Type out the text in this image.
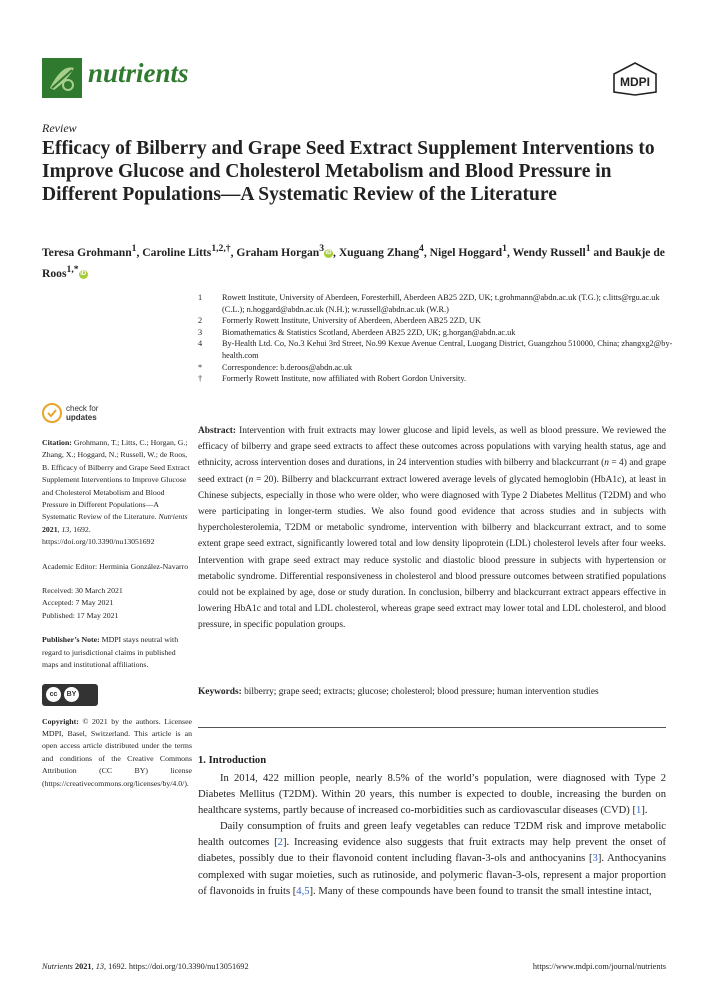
nutrients	MDPI
Review
Efficacy of Bilberry and Grape Seed Extract Supplement Interventions to Improve Glucose and Cholesterol Metabolism and Blood Pressure in Different Populations—A Systematic Review of the Literature
Teresa Grohmann$^1$, Caroline Litts$^{1,2,\dagger}$, Graham Horgan$^3$ iD , Xuguang Zhang$^4$, Nigel Hoggard$^1$, Wendy Russell$^1$ and Baukje de Roos$^{1,*}$ iD
1 Rowett Institute, University of Aberdeen, Foresterhill, Aberdeen AB25 2ZD, UK; t.grohmann@abdn.ac.uk (T.G.); c.litts@rgu.ac.uk (C.L.); n.hoggard@abdn.ac.uk (N.H.); w.russell@abdn.ac.uk (W.R.)
2 Formerly Rowett Institute, University of Aberdeen, Aberdeen AB25 2ZD, UK
3 Biomathematics & Statistics Scotland, Aberdeen AB25 2ZD, UK; g.horgan@abdn.ac.uk
4 By-Health Ltd. Co, No.3 Kehui 3rd Street, No.99 Kexue Avenue Central, Luogang District, Guangzhou 510000, China; zhangxg2@by-health.com
* Correspondence: b.deroos@abdn.ac.uk
† Formerly Rowett Institute, now affiliated with Robert Gordon University.
check for
updates
Citation: Grohmann, T.; Litts, C.; Horgan, G.; Zhang, X.; Hoggard, N.; Russell, W.; de Roos, B. Efficacy of Bilberry and Grape Seed Extract Supplement Interventions to Improve Glucose and Cholesterol Metabolism and Blood Pressure in Different Populations—A Systematic Review of the Literature. Nutrients 2021, 13, 1692. https://doi.org/10.3390/nu13051692
Academic Editor: Herminia González-Navarro
Received: 30 March 2021
Accepted: 7 May 2021
Published: 17 May 2021
Publisher’s Note: MDPI stays neutral with regard to jurisdictional claims in published maps and institutional affiliations.
cc	BY
Copyright: © 2021 by the authors. Licensee MDPI, Basel, Switzerland. This article is an open access article distributed under the terms and conditions of the Creative Commons Attribution (CC BY) license (https://creativecommons.org/licenses/by/4.0/).
Abstract: Intervention with fruit extracts may lower glucose and lipid levels, as well as blood pressure. We reviewed the efficacy of bilberry and grape seed extracts to affect these outcomes across populations with varying health status, age and ethnicity, across intervention doses and durations, in 24 intervention studies with bilberry and blackcurrant (n = 4) and grape seed extract (n = 20). Bilberry and blackcurrant extract lowered average levels of glycated hemoglobin (HbA1c), at least in Chinese subjects, especially in those who were older, who were diagnosed with Type 2 Diabetes Mellitus (T2DM) and who were participating in longer-term studies. We also found good evidence that across studies and in subjects with hypercholesterolemia, T2DM or metabolic syndrome, intervention with bilberry and blackcurrant extract, and to some extent grape seed extract, significantly lowered total and low density lipoprotein (LDL) cholesterol levels after four weeks. Intervention with grape seed extract may reduce systolic and diastolic blood pressure in subjects with hypertension or metabolic syndrome. Differential responsiveness in cholesterol and blood pressure outcomes between stratified populations could not be explained by age, dose or study duration. In conclusion, bilberry and blackcurrant extract appears effective in lowering HbA1c and total and LDL cholesterol, whereas grape seed extract may lower total and LDL cholesterol, and blood pressure, in specific population groups.
Keywords: bilberry; grape seed; extracts; glucose; cholesterol; blood pressure; human intervention studies
1. Introduction

In 2014, 422 million people, nearly 8.5% of the world’s population, were diagnosed with Type 2 Diabetes Mellitus (T2DM). Within 20 years, this number is expected to double, increasing the burden on healthcare systems, partly because of increased co-morbidities such as cardiovascular diseases (CVD) [1].

Daily consumption of fruits and green leafy vegetables can reduce T2DM risk and improve metabolic health outcomes [2]. Increasing evidence also suggests that fruit extracts may help prevent the onset of diabetes, possibly due to their flavonoid content including flavan-3-ols and anthocyanins [3]. Anthocyanins complexed with sugar moieties, such as rutinoside, and polymeric flavan-3-ols, represent a major proportion of flavonoids in fruits [4,5]. Many of these compounds have been found to transit the small intestine intact,

Nutrients 2021, 13, 1692. https://doi.org/10.3390/nu13051692	https://www.mdpi.com/journal/nutrients
